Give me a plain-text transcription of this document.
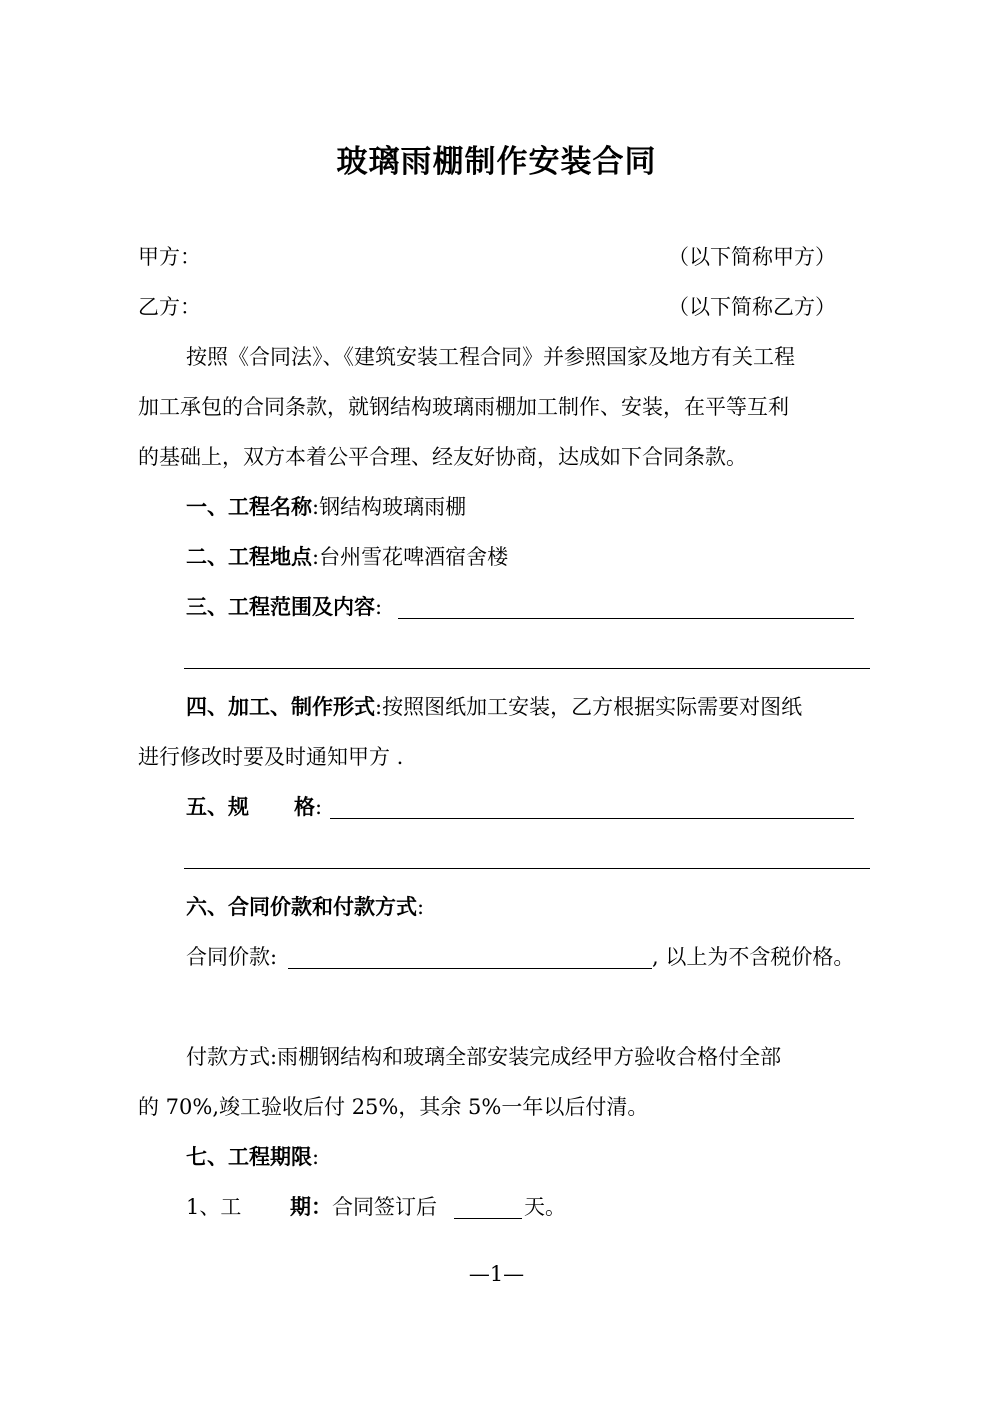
玻璃雨棚制作安装合同
甲方：	（以下简称甲方）
乙方：	（以下简称乙方）
按照《合同法》、《建筑安装工程合同》并参照国家及地方有关工程
加工承包的合同条款，就钢结构玻璃雨棚加工制作、安装，在平等互利
的基础上，双方本着公平合理、经友好协商，达成如下合同条款。
一、工程名称:钢结构玻璃雨棚
二、工程地点:台州雪花啤酒宿舍楼
三、工程范围及内容:
四、加工、制作形式:按照图纸加工安装，乙方根据实际需要对图纸
进行修改时要及时通知甲方 .
五、规 格:
六、合同价款和付款方式:
合同价款:	, 以上为不含税价格。
付款方式:雨棚钢结构和玻璃全部安装完成经甲方验收合格付全部
的 70%,竣工验收后付 25%，其余 5%一年以后付清。
七、工程期限:
1、工 期：合同签订后	天。
—1—
